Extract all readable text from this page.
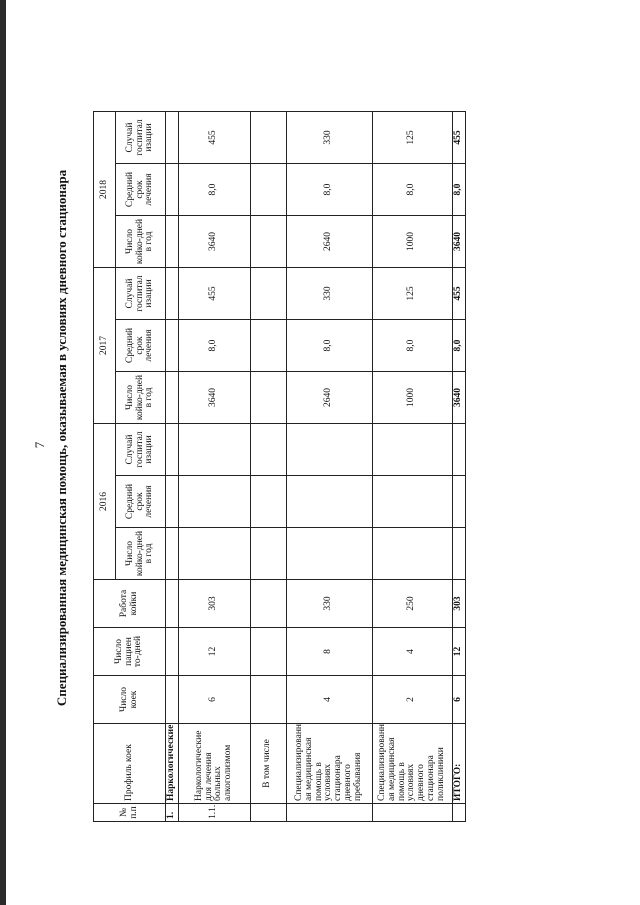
7 Специализированная медицинская помощь, оказываемая в условиях дневного стационара
№ п.п	Профиль коек	Число коек	Число пациен то-дней	Работа койки	2016			2017			2018		
					Число койко-дней в год	Средний срок лечения	Случай госпитал изации	Число койко-дней в год	Средний срок лечения	Случай госпитал изации	Число койко-дней в год	Средний срок лечения	Случай госпитал изации
1.	Наркологические												
1.1.	Наркологические для лечения больных алкоголизмом	6	12	303				3640	8,0	455	3640	8,0	455
	В том числе												
	Специализированн ая медицинская помощь в условиях стационара дневного пребывания	4	8	330				2640	8,0	330	2640	8,0	330
	Специализированн ая медицинская помощь в условиях дневного стационара поликлиники	2	4	250				1000	8,0	125	1000	8,0	125
	ИТОГО:	6	12	303				3640	8,0	455	3640	8,0	455
